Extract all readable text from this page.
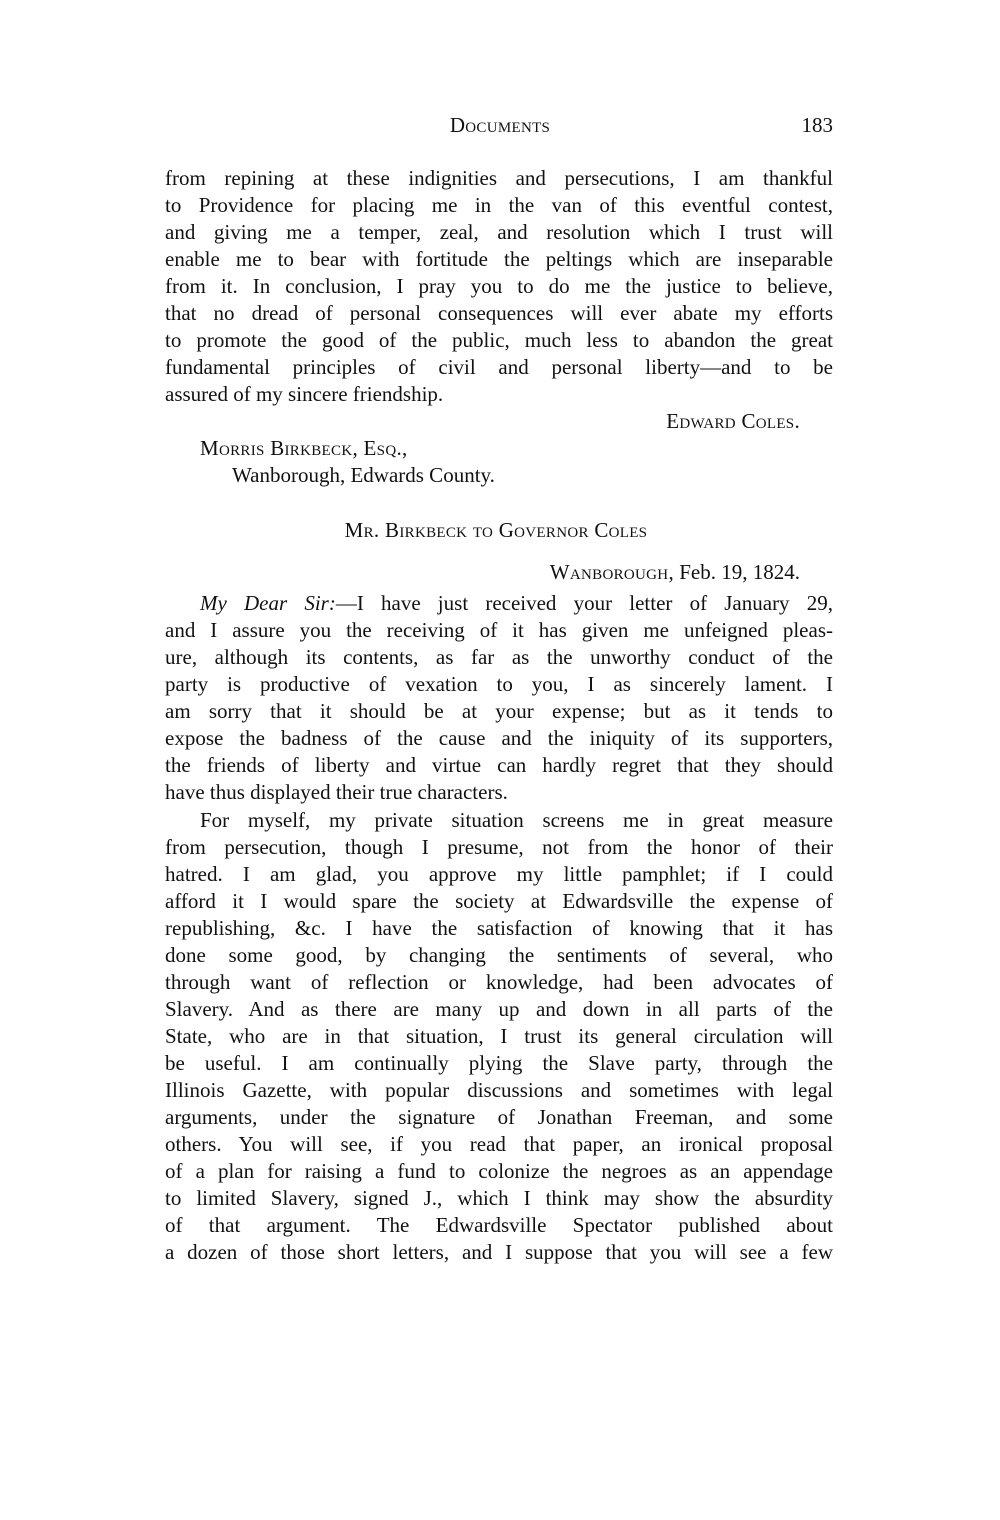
Documents	183
from repining at these indignities and persecutions, I am thankful
to Providence for placing me in the van of this eventful contest,
and giving me a temper, zeal, and resolution which I trust will
enable me to bear with fortitude the peltings which are inseparable
from it. In conclusion, I pray you to do me the justice to believe,
that no dread of personal consequences will ever abate my efforts
to promote the good of the public, much less to abandon the great
fundamental principles of civil and personal liberty—and to be
assured of my sincere friendship.
Edward Coles.
Morris Birkbeck, Esq.,
Wanborough, Edwards County.
Mr. Birkbeck to Governor Coles
Wanborough, Feb. 19, 1824.
My Dear Sir:—I have just received your letter of January 29,
and I assure you the receiving of it has given me unfeigned pleas-
ure, although its contents, as far as the unworthy conduct of the
party is productive of vexation to you, I as sincerely lament. I
am sorry that it should be at your expense; but as it tends to
expose the badness of the cause and the iniquity of its supporters,
the friends of liberty and virtue can hardly regret that they should
have thus displayed their true characters.
For myself, my private situation screens me in great measure
from persecution, though I presume, not from the honor of their
hatred. I am glad, you approve my little pamphlet; if I could
afford it I would spare the society at Edwardsville the expense of
republishing, &c. I have the satisfaction of knowing that it has
done some good, by changing the sentiments of several, who
through want of reflection or knowledge, had been advocates of
Slavery. And as there are many up and down in all parts of the
State, who are in that situation, I trust its general circulation will
be useful. I am continually plying the Slave party, through the
Illinois Gazette, with popular discussions and sometimes with legal
arguments, under the signature of Jonathan Freeman, and some
others. You will see, if you read that paper, an ironical proposal
of a plan for raising a fund to colonize the negroes as an appendage
to limited Slavery, signed J., which I think may show the absurdity
of that argument. The Edwardsville Spectator published about
a dozen of those short letters, and I suppose that you will see a few
